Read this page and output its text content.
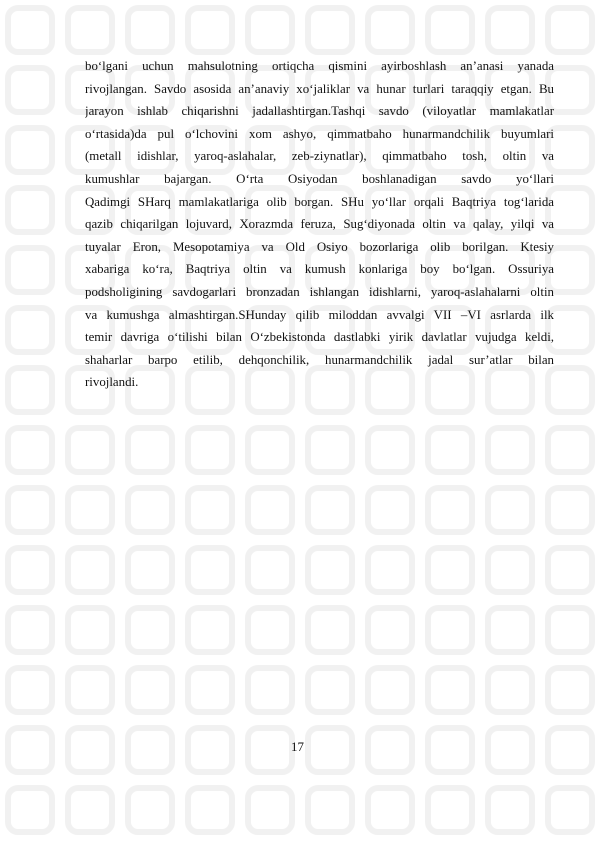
bo‘lgani uchun mahsulotning ortiqcha qismini ayirboshlash an’anasi yanada
rivojlangan. Savdo asosida an’anaviy xo‘jaliklar va hunar turlari taraqqiy etgan. Bu
jarayon ishlab chiqarishni jadallashtirgan.Tashqi savdo (viloyatlar mamlakatlar
o‘rtasida)da pul o‘lchovini xom ashyo, qimmatbaho hunarmandchilik buyumlari
(metall idishlar, yaroq-aslahalar, zeb-ziynatlar), qimmatbaho tosh, oltin va
kumushlar bajargan. O‘rta Osiyodan boshlanadigan savdo yo‘llari
Qadimgi SHarq mamlakatlariga olib borgan. SHu yo‘llar orqali Baqtriya tog‘larida
qazib chiqarilgan lojuvard, Xorazmda feruza, Sug‘diyonada oltin va qalay, yilqi va
tuyalar Eron, Mesopotamiya va Old Osiyo bozorlariga olib borilgan. Ktesiy
xabariga ko‘ra, Baqtriya oltin va kumush konlariga boy bo‘lgan. Ossuriya
podsholigining savdogarlari bronzadan ishlangan idishlarni, yaroq-aslahalarni oltin
va kumushga almashtirgan.SHunday qilib miloddan avvalgi VII –VI asrlarda ilk
temir davriga o‘tilishi bilan O‘zbekistonda dastlabki yirik davlatlar vujudga keldi,
shaharlar barpo etilib, dehqonchilik, hunarmandchilik jadal sur’atlar bilan
rivojlandi.
17
